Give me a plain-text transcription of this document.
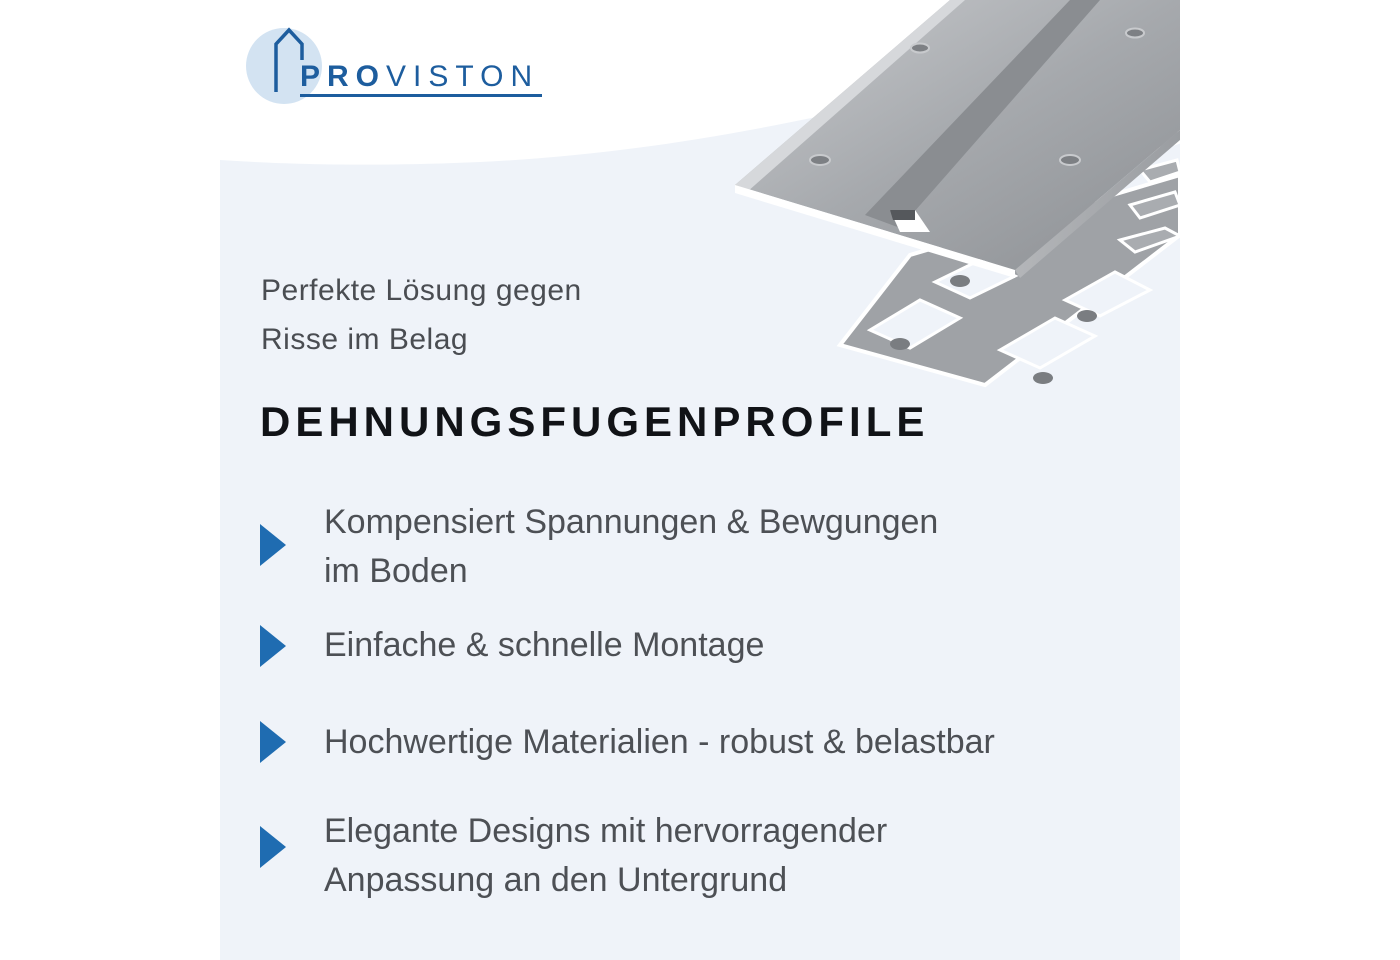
PROVISTON
Perfekte Lösung gegen
Risse im Belag
DEHNUNGSFUGENPROFILE
Kompensiert Spannungen & Bewgungen
im Boden
Einfache & schnelle Montage
Hochwertige Materialien - robust & belastbar
Elegante Designs mit hervorragender
Anpassung an den Untergrund
